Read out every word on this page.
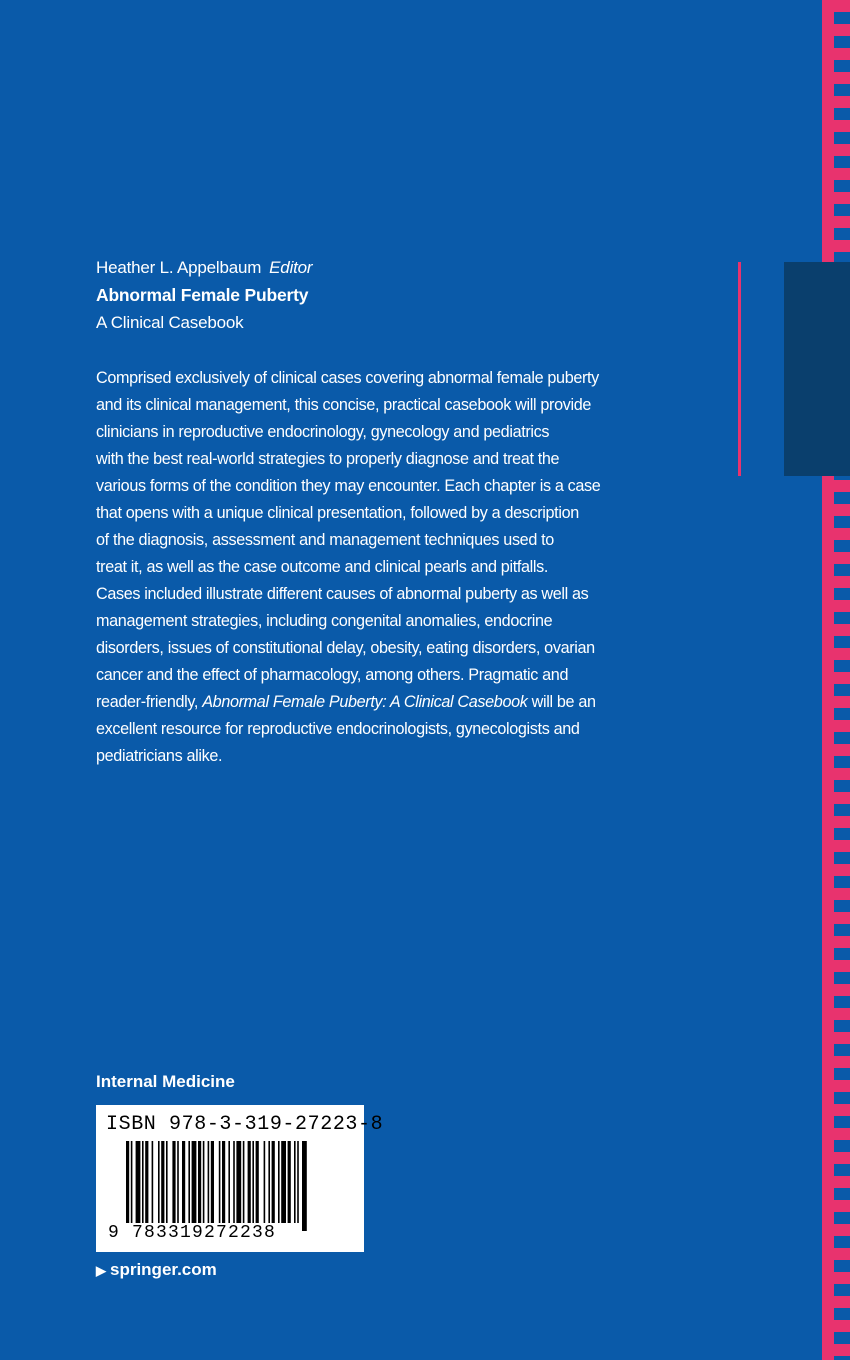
Heather L. Appelbaum Editor
Abnormal Female Puberty
A Clinical Casebook
Comprised exclusively of clinical cases covering abnormal female puberty
and its clinical management, this concise, practical casebook will provide
clinicians in reproductive endocrinology, gynecology and pediatrics
with the best real-world strategies to properly diagnose and treat the
various forms of the condition they may encounter. Each chapter is a case
that opens with a unique clinical presentation, followed by a description
of the diagnosis, assessment and management techniques used to
treat it, as well as the case outcome and clinical pearls and pitfalls.
Cases included illustrate different causes of abnormal puberty as well as
management strategies, including congenital anomalies, endocrine
disorders, issues of constitutional delay, obesity, eating disorders, ovarian
cancer and the effect of pharmacology, among others. Pragmatic and
reader-friendly, Abnormal Female Puberty: A Clinical Casebook will be an
excellent resource for reproductive endocrinologists, gynecologists and
pediatricians alike.
Internal Medicine
ISBN 978-3-319-27223-8
9 783319272238
▶ springer.com
